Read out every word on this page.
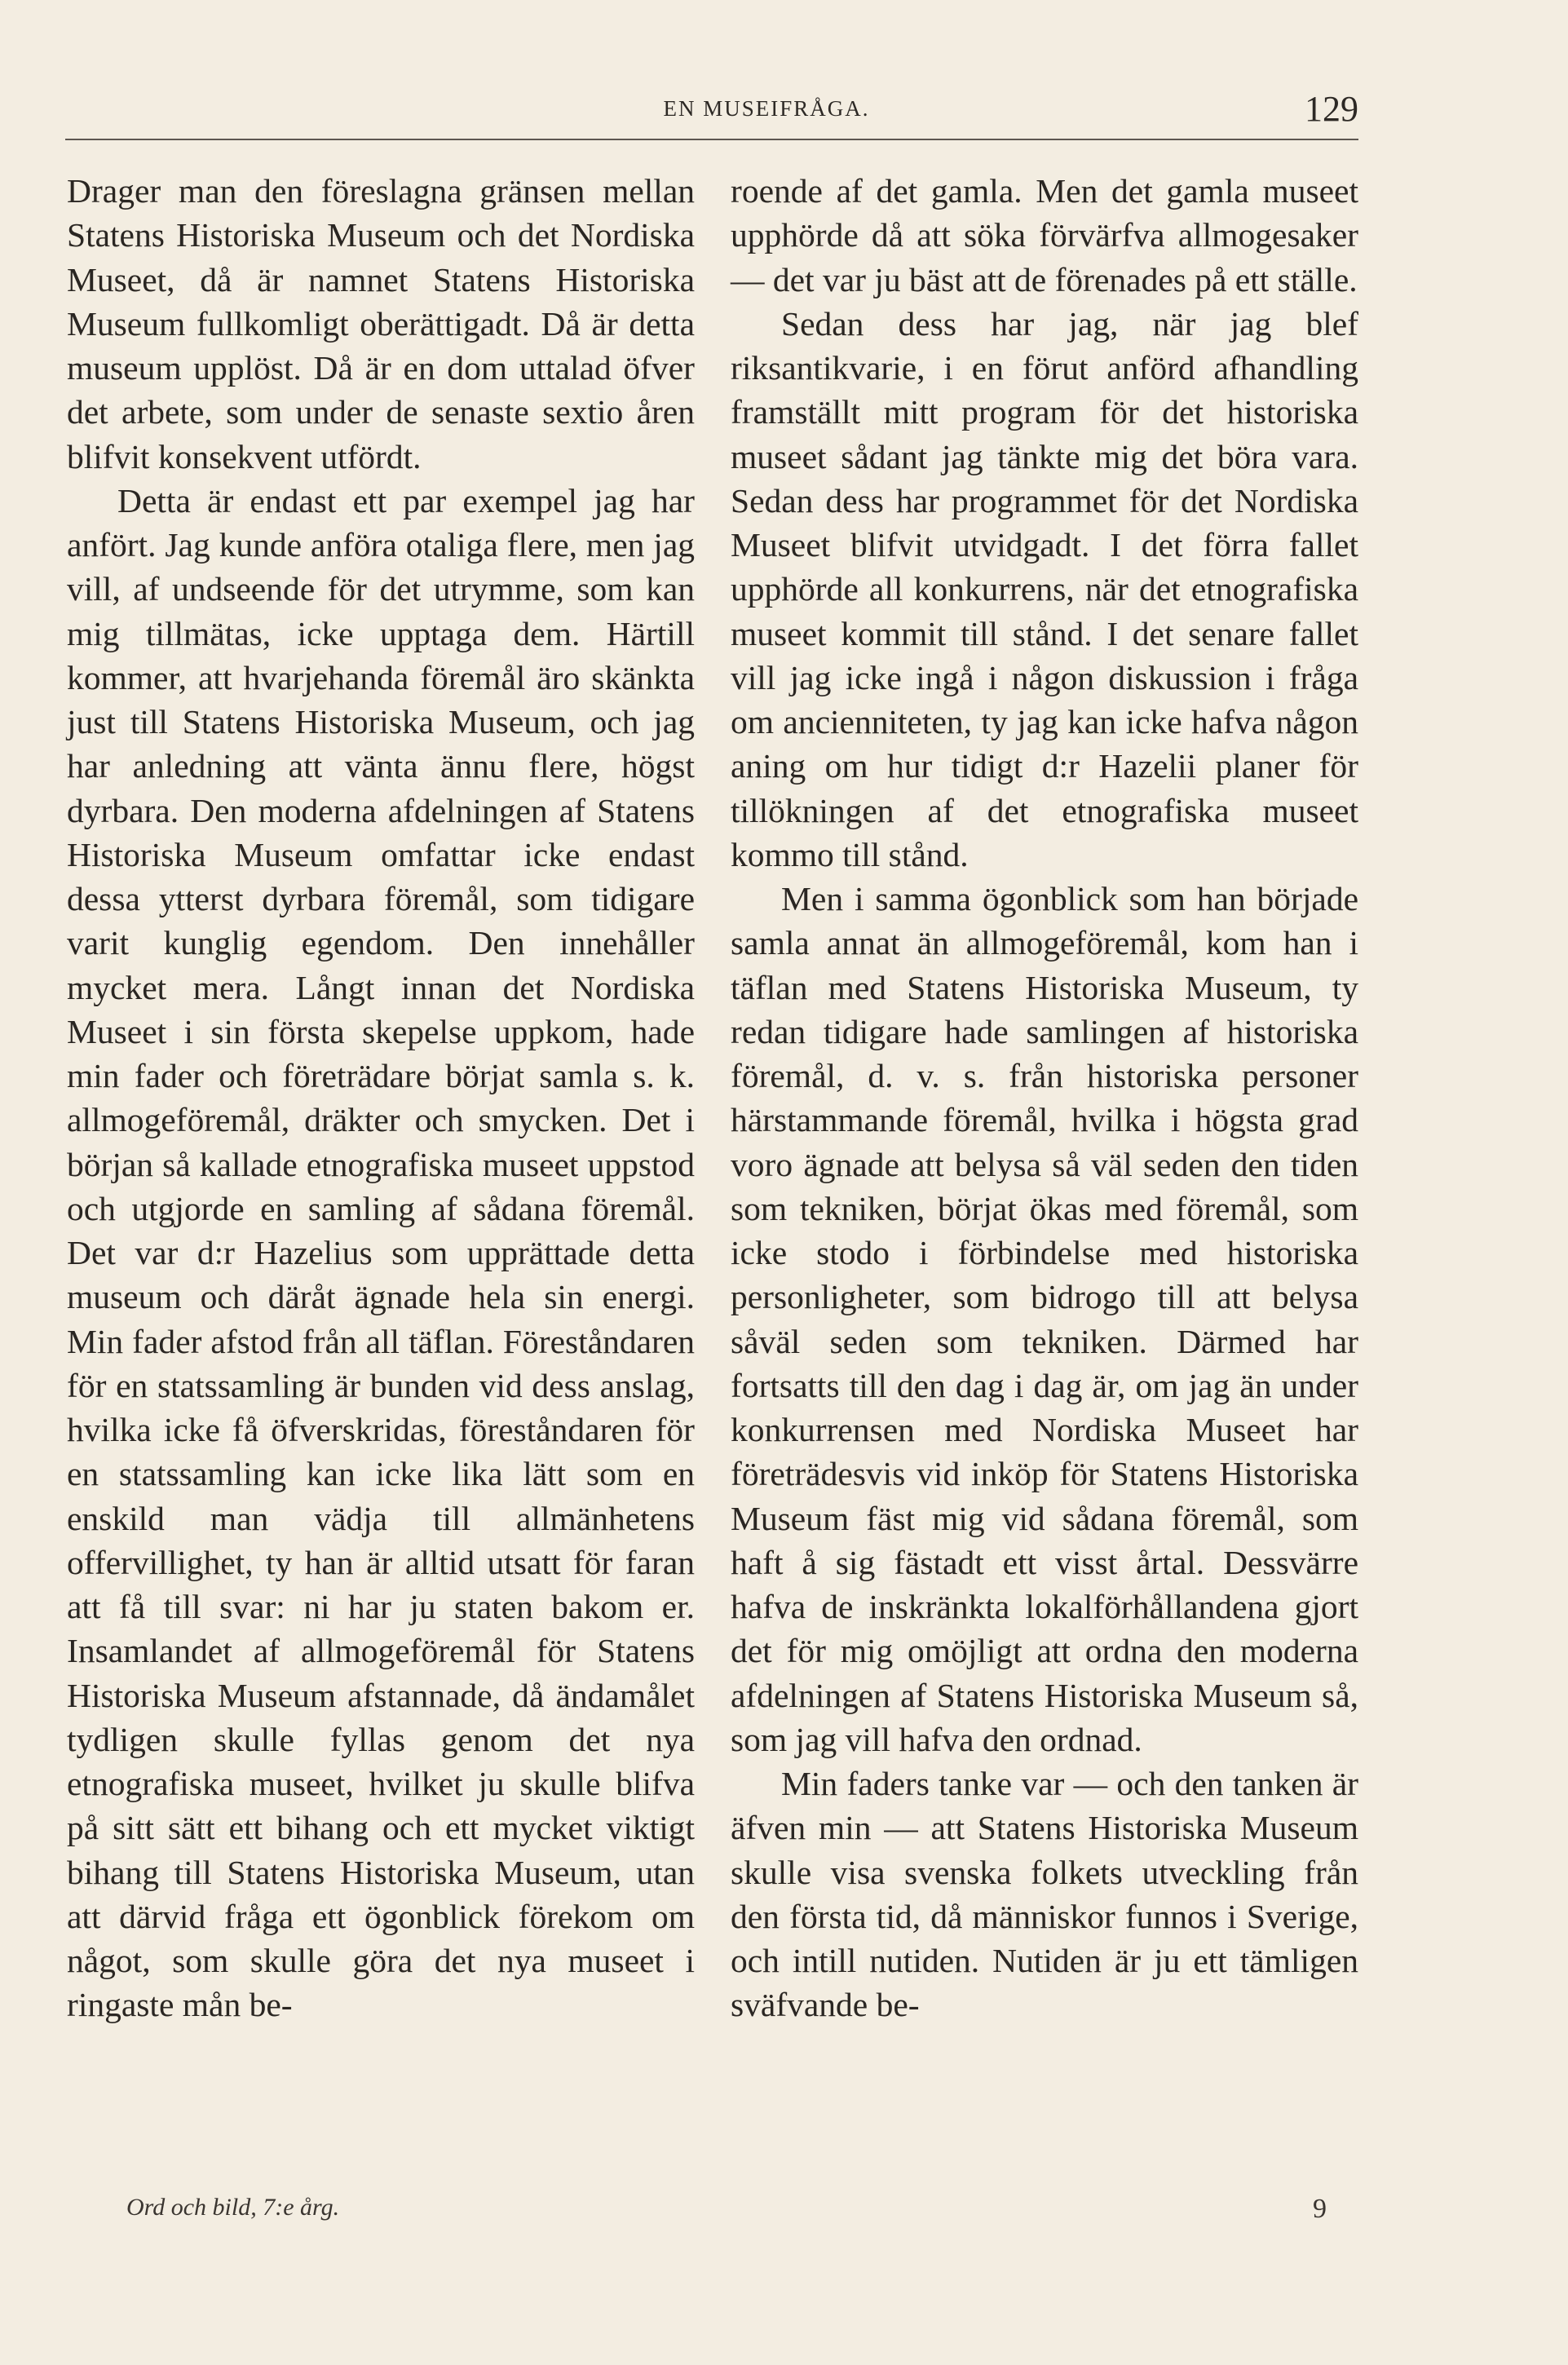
EN MUSEIFRÅGA.	129

Drager man den föreslagna gränsen mellan Statens Historiska Museum och det Nordiska Museet, då är namnet Statens Historiska Museum fullkomligt oberättigadt. Då är detta museum upplöst. Då är en dom uttalad öfver det arbete, som under de senaste sextio åren blifvit konsekvent utfördt.

Detta är endast ett par exempel jag har anfört. Jag kunde anföra otaliga flere, men jag vill, af undseende för det utrymme, som kan mig tillmätas, icke upptaga dem. Härtill kommer, att hvarjehanda föremål äro skänkta just till Statens Historiska Museum, och jag har anledning att vänta ännu flere, högst dyrbara. Den moderna afdelningen af Statens Historiska Museum omfattar icke endast dessa ytterst dyrbara föremål, som tidigare varit kunglig egendom. Den innehåller mycket mera. Långt innan det Nordiska Museet i sin första skepelse uppkom, hade min fader och företrädare börjat samla s. k. allmogeföremål, dräkter och smycken. Det i början så kallade etnografiska museet uppstod och utgjorde en samling af sådana föremål. Det var d:r Hazelius som upprättade detta museum och däråt ägnade hela sin energi. Min fader afstod från all täflan. Föreståndaren för en statssamling är bunden vid dess anslag, hvilka icke få öfverskridas, föreståndaren för en statssamling kan icke lika lätt som en enskild man vädja till allmänhetens offervillighet, ty han är alltid utsatt för faran att få till svar: ni har ju staten bakom er. Insamlandet af allmogeföremål för Statens Historiska Museum afstannade, då ändamålet tydligen skulle fyllas genom det nya etnografiska museet, hvilket ju skulle blifva på sitt sätt ett bihang och ett mycket viktigt bihang till Statens Historiska Museum, utan att därvid fråga ett ögonblick förekom om något, som skulle göra det nya museet i ringaste mån be-

roende af det gamla. Men det gamla museet upphörde då att söka förvärfva allmogesaker — det var ju bäst att de förenades på ett ställe.

Sedan dess har jag, när jag blef riksantikvarie, i en förut anförd afhandling framställt mitt program för det historiska museet sådant jag tänkte mig det böra vara. Sedan dess har programmet för det Nordiska Museet blifvit utvidgadt. I det förra fallet upphörde all konkurrens, när det etnografiska museet kommit till stånd. I det senare fallet vill jag icke ingå i någon diskussion i fråga om ancienniteten, ty jag kan icke hafva någon aning om hur tidigt d:r Hazelii planer för tillökningen af det etnografiska museet kommo till stånd.

Men i samma ögonblick som han började samla annat än allmogeföremål, kom han i täflan med Statens Historiska Museum, ty redan tidigare hade samlingen af historiska föremål, d. v. s. från historiska personer härstammande föremål, hvilka i högsta grad voro ägnade att belysa så väl seden den tiden som tekniken, börjat ökas med föremål, som icke stodo i förbindelse med historiska personligheter, som bidrogo till att belysa såväl seden som tekniken. Därmed har fortsatts till den dag i dag är, om jag än under konkurrensen med Nordiska Museet har företrädesvis vid inköp för Statens Historiska Museum fäst mig vid sådana föremål, som haft å sig fästadt ett visst årtal. Dessvärre hafva de inskränkta lokalförhållandena gjort det för mig omöjligt att ordna den moderna afdelningen af Statens Historiska Museum så, som jag vill hafva den ordnad.

Min faders tanke var — och den tanken är äfven min — att Statens Historiska Museum skulle visa svenska folkets utveckling från den första tid, då människor funnos i Sverige, och intill nutiden. Nutiden är ju ett tämligen sväfvande be-

Ord och bild, 7:e årg.	9
